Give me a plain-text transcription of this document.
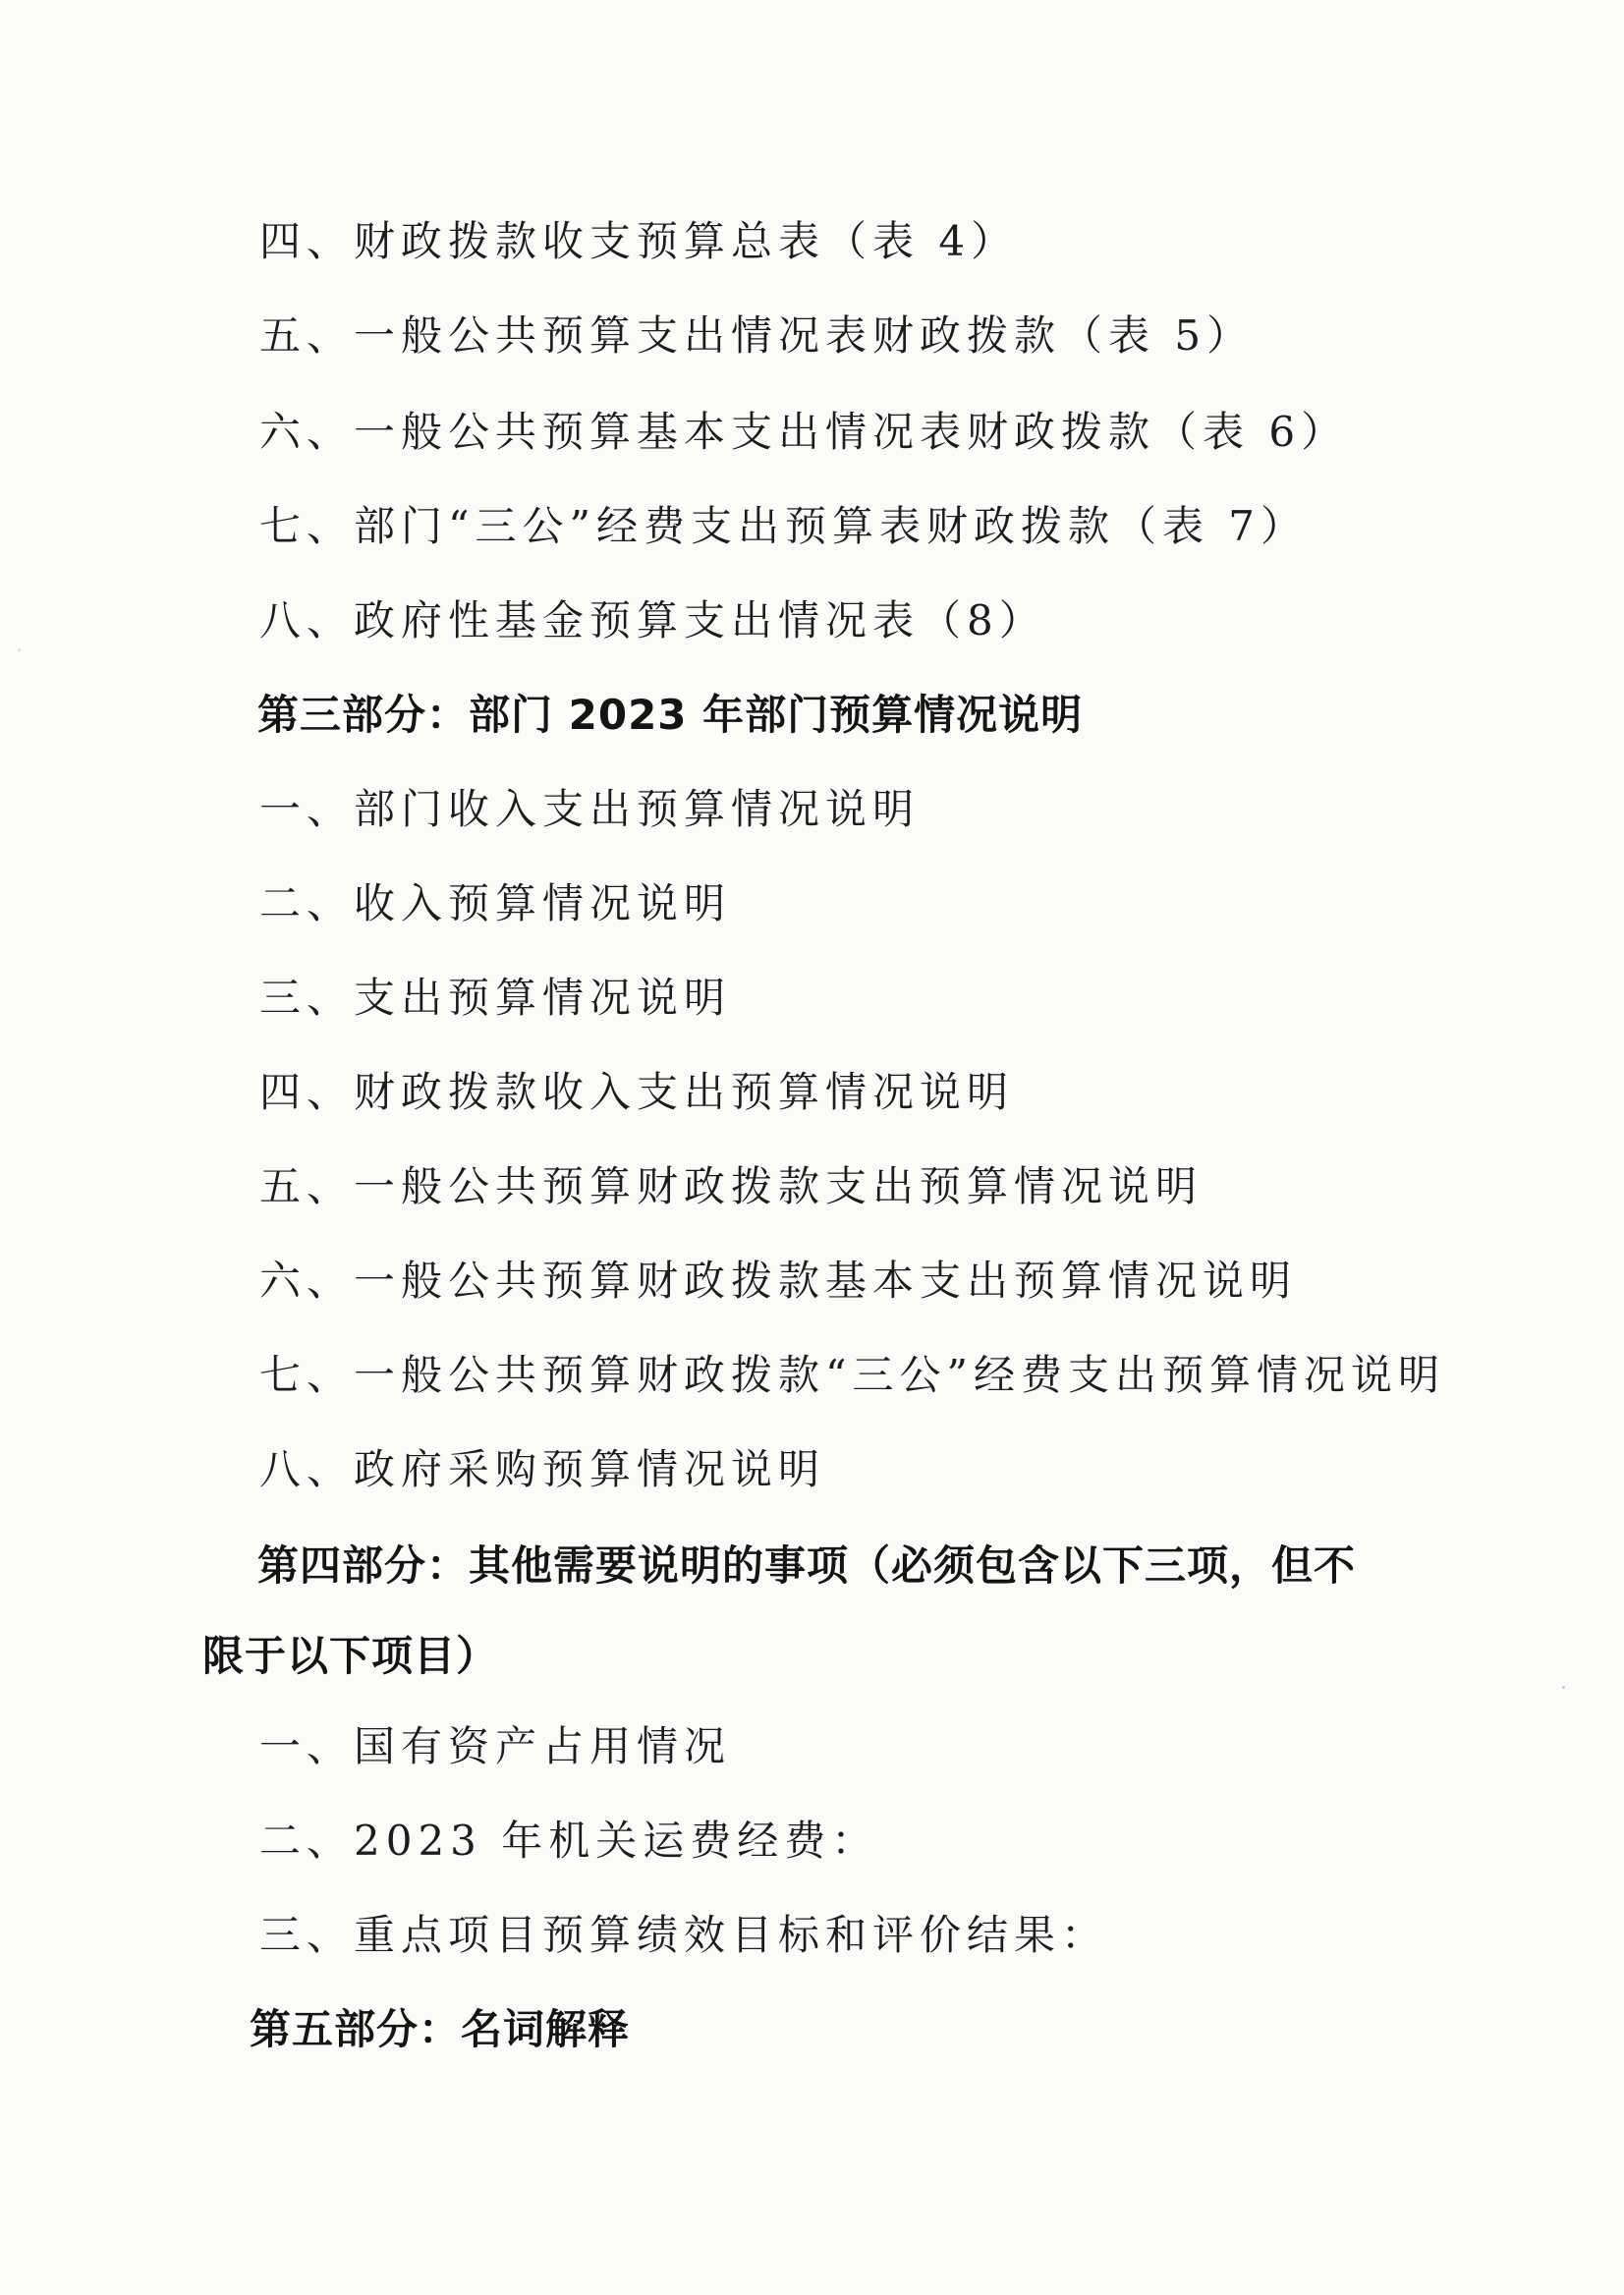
四、财政拨款收支预算总表（表 4）
五、一般公共预算支出情况表财政拨款（表 5）
六、一般公共预算基本支出情况表财政拨款（表 6）
七、部门“三公”经费支出预算表财政拨款（表 7）
八、政府性基金预算支出情况表（8）
第三部分：部门 2023 年部门预算情况说明
一、部门收入支出预算情况说明
二、收入预算情况说明
三、支出预算情况说明
四、财政拨款收入支出预算情况说明
五、一般公共预算财政拨款支出预算情况说明
六、一般公共预算财政拨款基本支出预算情况说明
七、一般公共预算财政拨款“三公”经费支出预算情况说明
八、政府采购预算情况说明
第四部分：其他需要说明的事项（必须包含以下三项，但不
限于以下项目）
一、国有资产占用情况
二、2023 年机关运费经费：
三、重点项目预算绩效目标和评价结果：
第五部分：名词解释
